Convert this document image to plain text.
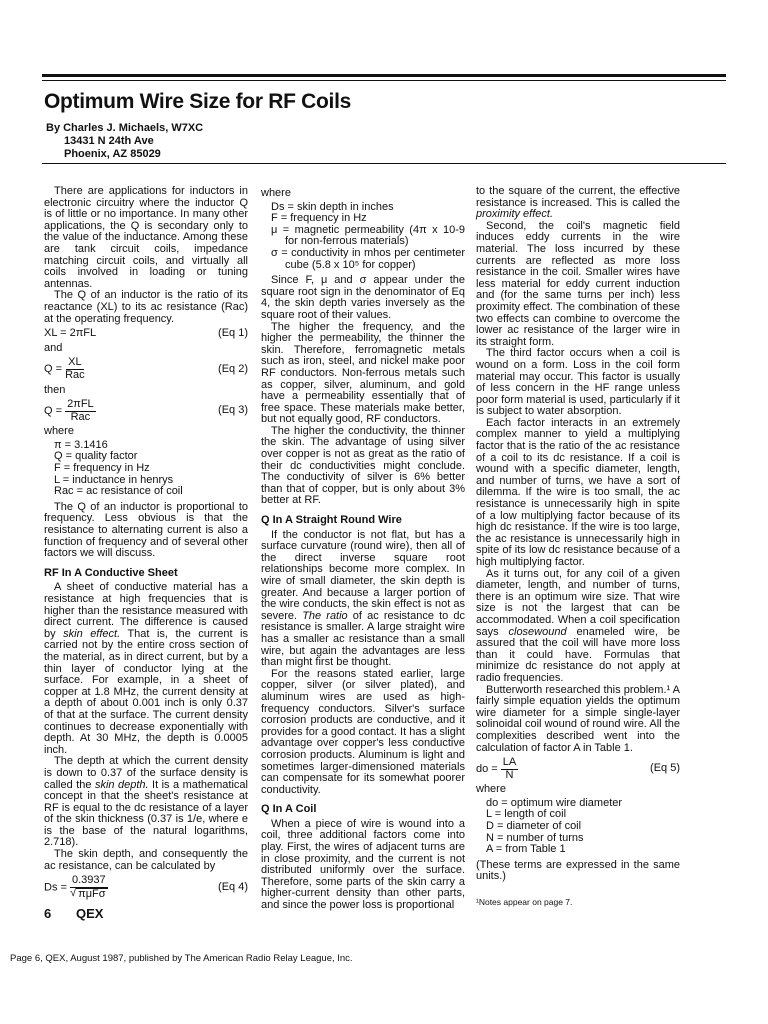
Optimum Wire Size for RF Coils
By Charles J. Michaels, W7XC
13431 N 24th Ave
Phoenix, AZ 85029

There are applications for inductors in electronic circuitry where the inductor Q is of little or no importance. In many other applications, the Q is secondary only to the value of the inductance. Among these are tank circuit coils, impedance matching circuit coils, and virtually all coils involved in loading or tuning antennas.

The Q of an inductor is the ratio of its reactance (XL) to its ac resistance (Rac) at the operating frequency.

XL = 2πFL	(Eq 1)
and
$Q = \frac{XL}{\text{Rac}}$	(Eq 2)
then
$Q = \frac{\text{2πFL}}{\text{Rac}}$	(Eq 3)
where
π = 3.1416
Q = quality factor
F = frequency in Hz
L = inductance in henrys
Rac = ac resistance of coil

The Q of an inductor is proportional to frequency. Less obvious is that the resistance to alternating current is also a function of frequency and of several other factors we will discuss.

RF In A Conductive Sheet

A sheet of conductive material has a resistance at high frequencies that is higher than the resistance measured with direct current. The difference is caused by skin effect. That is, the current is carried not by the entire cross section of the material, as in direct current, but by a thin layer of conductor lying at the surface. For example, in a sheet of copper at 1.8 MHz, the current density at a depth of about 0.001 inch is only 0.37 of that at the surface. The current density continues to decrease exponentially with depth. At 30 MHz, the depth is 0.0005 inch.

The depth at which the current density is down to 0.37 of the surface density is called the skin depth. It is a mathematical concept in that the sheet's resistance at RF is equal to the dc resistance of a layer of the skin thickness (0.37 is 1/e, where e is the base of the natural logarithms, 2.718).

The skin depth, and consequently the ac resistance, can be calculated by

$Ds = \frac{0.3937}{\text{√ πμFσ}}$	(Eq 4)
where
Ds = skin depth in inches
F = frequency in Hz
μ = magnetic permeability (4π x 10-9 for non-ferrous materials)
σ = conductivity in mhos per centimeter cube (5.8 x 10⁵ for copper)

Since F, μ and σ appear under the square root sign in the denominator of Eq 4, the skin depth varies inversely as the square root of their values.

The higher the frequency, and the higher the permeability, the thinner the skin. Therefore, ferromagnetic metals such as iron, steel, and nickel make poor RF conductors. Non-ferrous metals such as copper, silver, aluminum, and gold have a permeability essentially that of free space. These materials make better, but not equally good, RF conductors.

The higher the conductivity, the thinner the skin. The advantage of using silver over copper is not as great as the ratio of their dc conductivities might conclude. The conductivity of silver is 6% better than that of copper, but is only about 3% better at RF.

Q In A Straight Round Wire

If the conductor is not flat, but has a surface curvature (round wire), then all of the direct inverse square root relationships become more complex. In wire of small diameter, the skin depth is greater. And because a larger portion of the wire conducts, the skin effect is not as severe. The ratio of ac resistance to dc resistance is smaller. A large straight wire has a smaller ac resistance than a small wire, but again the advantages are less than might first be thought.

For the reasons stated earlier, large copper, silver (or silver plated), and aluminum wires are used as high-frequency conductors. Silver's surface corrosion products are conductive, and it provides for a good contact. It has a slight advantage over copper's less conductive corrosion products. Aluminum is light and sometimes larger-dimensioned materials can compensate for its somewhat poorer conductivity.

Q In A Coil

When a piece of wire is wound into a coil, three additional factors come into play. First, the wires of adjacent turns are in close proximity, and the current is not distributed uniformly over the surface. Therefore, some parts of the skin carry a higher-current density than other parts, and since the power loss is proportional

to the square of the current, the effective resistance is increased. This is called the proximity effect.

Second, the coil's magnetic field induces eddy currents in the wire material. The loss incurred by these currents are reflected as more loss resistance in the coil. Smaller wires have less material for eddy current induction and (for the same turns per inch) less proximity effect. The combination of these two effects can combine to overcome the lower ac resistance of the larger wire in its straight form.

The third factor occurs when a coil is wound on a form. Loss in the coil form material may occur. This factor is usually of less concern in the HF range unless poor form material is used, particularly if it is subject to water absorption.

Each factor interacts in an extremely complex manner to yield a multiplying factor that is the ratio of the ac resistance of a coil to its dc resistance. If a coil is wound with a specific diameter, length, and number of turns, we have a sort of dilemma. If the wire is too small, the ac resistance is unnecessarily high in spite of a low multiplying factor because of its high dc resistance. If the wire is too large, the ac resistance is unnecessarily high in spite of its low dc resistance because of a high multiplying factor.

As it turns out, for any coil of a given diameter, length, and number of turns, there is an optimum wire size. That wire size is not the largest that can be accommodated. When a coil specification says closewound enameled wire, be assured that the coil will have more loss than it could have. Formulas that minimize dc resistance do not apply at radio frequencies.

Butterworth researched this problem.¹ A fairly simple equation yields the optimum wire diameter for a simple single-layer solinoidal coil wound of round wire. All the complexities described went into the calculation of factor A in Table 1.

do = $\frac{LA}{N}$	(Eq 5)
where
do = optimum wire diameter
L = length of coil
D = diameter of coil
N = number of turns
A = from Table 1

(These terms are expressed in the same units.)

¹Notes appear on page 7.

6 QEX
Page 6, QEX, August 1987, published by The American Radio Relay League, Inc.
